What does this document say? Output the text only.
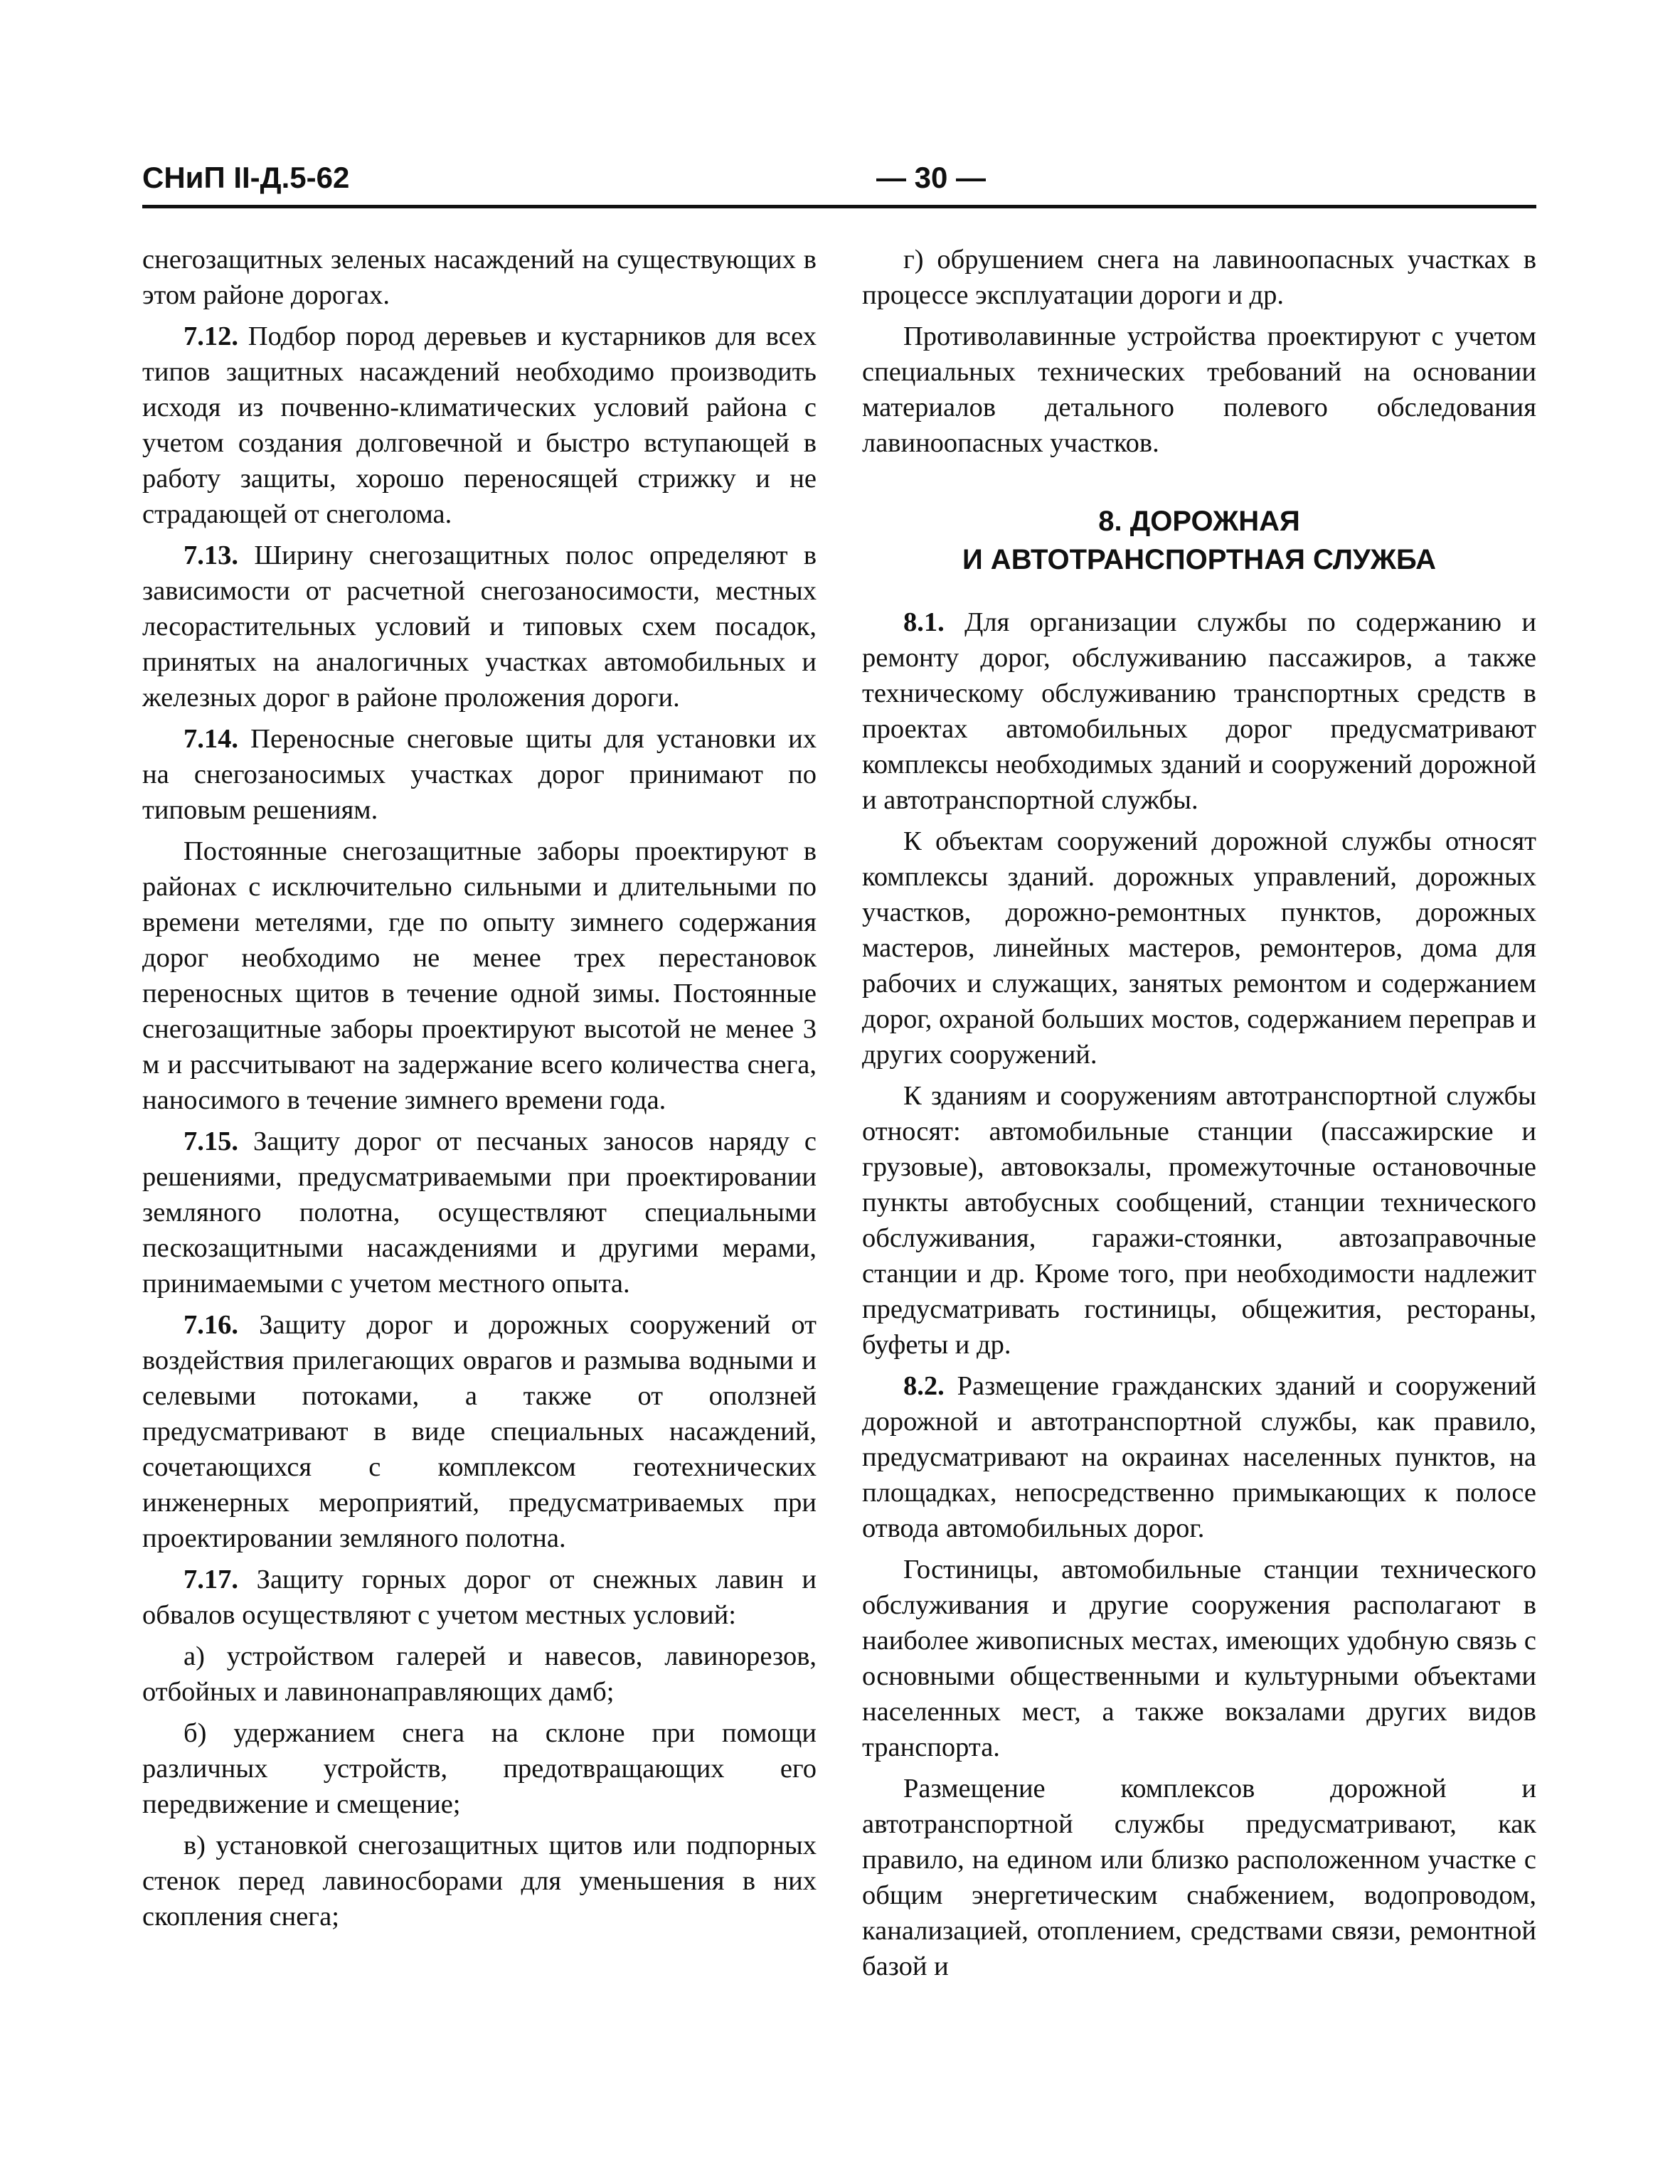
СНиП II-Д.5-62	— 30 —

снегозащитных зеленых насаждений на существующих в этом районе дорогах.

7.12. Подбор пород деревьев и кустарников для всех типов защитных насаждений необходимо производить исходя из почвенно-климатических условий района с учетом создания долговечной и быстро вступающей в работу защиты, хорошо переносящей стрижку и не страдающей от снеголома.

7.13. Ширину снегозащитных полос определяют в зависимости от расчетной снегозаносимости, местных лесорастительных условий и типовых схем посадок, принятых на аналогичных участках автомобильных и железных дорог в районе проложения дороги.

7.14. Переносные снеговые щиты для установки их на снегозаносимых участках дорог принимают по типовым решениям.

Постоянные снегозащитные заборы проектируют в районах с исключительно сильными и длительными по времени метелями, где по опыту зимнего содержания дорог необходимо не менее трех перестановок переносных щитов в течение одной зимы. Постоянные снегозащитные заборы проектируют высотой не менее 3 м и рассчитывают на задержание всего количества снега, наносимого в течение зимнего времени года.

7.15. Защиту дорог от песчаных заносов наряду с решениями, предусматриваемыми при проектировании земляного полотна, осуществляют специальными пескозащитными насаждениями и другими мерами, принимаемыми с учетом местного опыта.

7.16. Защиту дорог и дорожных сооружений от воздействия прилегающих оврагов и размыва водными и селевыми потоками, а также от оползней предусматривают в виде специальных насаждений, сочетающихся с комплексом геотехнических инженерных мероприятий, предусматриваемых при проектировании земляного полотна.

7.17. Защиту горных дорог от снежных лавин и обвалов осуществляют с учетом местных условий:

а) устройством галерей и навесов, лавинорезов, отбойных и лавинонаправляющих дамб;

б) удержанием снега на склоне при помощи различных устройств, предотвращающих его передвижение и смещение;

в) установкой снегозащитных щитов или подпорных стенок перед лавиносборами для уменьшения в них скопления снега;

г) обрушением снега на лавиноопасных участках в процессе эксплуатации дороги и др.

Противолавинные устройства проектируют с учетом специальных технических требований на основании материалов детального полевого обследования лавиноопасных участков.

8. ДОРОЖНАЯ
И АВТОТРАНСПОРТНАЯ СЛУЖБА

8.1. Для организации службы по содержанию и ремонту дорог, обслуживанию пассажиров, а также техническому обслуживанию транспортных средств в проектах автомобильных дорог предусматривают комплексы необходимых зданий и сооружений дорожной и автотранспортной службы.

К объектам сооружений дорожной службы относят комплексы зданий. дорожных управлений, дорожных участков, дорожно-ремонтных пунктов, дорожных мастеров, линейных мастеров, ремонтеров, дома для рабочих и служащих, занятых ремонтом и содержанием дорог, охраной больших мостов, содержанием переправ и других сооружений.

К зданиям и сооружениям автотранспортной службы относят: автомобильные станции (пассажирские и грузовые), автовокзалы, промежуточные остановочные пункты автобусных сообщений, станции технического обслуживания, гаражи-стоянки, автозаправочные станции и др. Кроме того, при необходимости надлежит предусматривать гостиницы, общежития, рестораны, буфеты и др.

8.2. Размещение гражданских зданий и сооружений дорожной и автотранспортной службы, как правило, предусматривают на окраинах населенных пунктов, на площадках, непосредственно примыкающих к полосе отвода автомобильных дорог.

Гостиницы, автомобильные станции технического обслуживания и другие сооружения располагают в наиболее живописных местах, имеющих удобную связь с основными общественными и культурными объектами населенных мест, а также вокзалами других видов транспорта.

Размещение комплексов дорожной и автотранспортной службы предусматривают, как правило, на едином или близко расположенном участке с общим энергетическим снабжением, водопроводом, канализацией, отоплением, средствами связи, ремонтной базой и
